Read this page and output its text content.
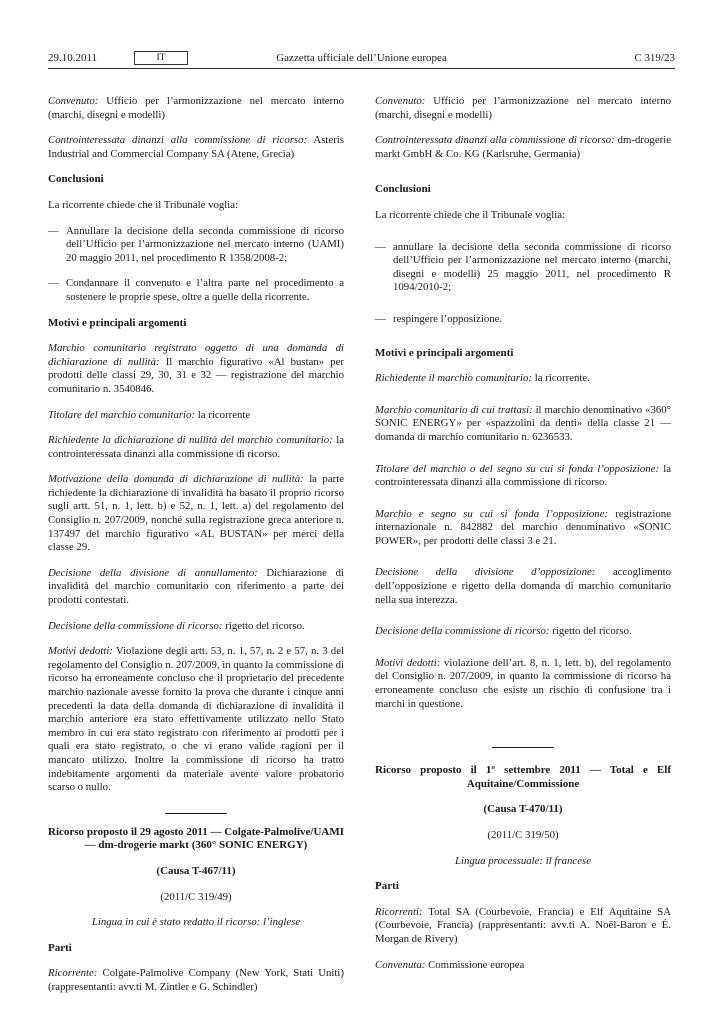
29.10.2011	IT	Gazzetta ufficiale dell’Unione europea	C 319/23

Convenuto: Ufficio per l’armonizzazione nel mercato interno (marchi, disegni e modelli)

Controinteressata dinanzi alla commissione di ricorso: Asteris Industrial and Commercial Company SA (Atene, Grecia)

Conclusioni

La ricorrente chiede che il Tribunale voglia:

— Annullare la decisione della seconda commissione di ricorso dell’Ufficio per l’armonizzazione nel mercato interno (UAMI) 20 maggio 2011, nel procedimento R 1358/2008-2;
— Condannare il convenuto e l’altra parte nel procedimento a sostenere le proprie spese, oltre a quelle della ricorrente.
Motivi e principali argomenti

Marchio comunitario registrato oggetto di una domanda di dichiarazione di nullità: Il marchio figurativo «Al bustan» per prodotti delle classi 29, 30, 31 e 32 — registrazione del marchio comunitario n. 3540846.

Titolare del marchio comunitario: la ricorrente

Richiedente la dichiarazione di nullità del marchio comunitario: la controinteressata dinanzi alla commissione di ricorso.

Motivazione della domanda di dichiarazione di nullità: la parte richiedente la dichiarazione di invalidità ha basato il proprio ricorso sugli artt. 51, n. 1, lett. b) e 52, n. 1, lett. a) del regolamento del Consiglio n. 207/2009, nonché sulla registrazione greca anteriore n. 137497 del marchio figurativo «AL BUSTAN» per merci della classe 29.

Decisione della divisione di annullamento: Dichiarazione di invalidità del marchio comunitario con riferimento a parte dei prodotti contestati.

Decisione della commissione di ricorso: rigetto del ricorso.

Motivi dedotti: Violazione degli artt. 53, n. 1, 57, n. 2 e 57, n. 3 del regolamento del Consiglio n. 207/2009, in quanto la commissione di ricorso ha erroneamente concluso che il proprietario del precedente marchio nazionale avesse fornito la prova che durante i cinque anni precedenti la data della domanda di dichiarazione di invalidità il marchio anteriore era stato effettivamente utilizzato nello Stato membro in cui era stato registrato con riferimento ai prodotti per i quali era stato registrato, o che vi erano valide ragioni per il mancato utilizzo. Inoltre la commissione di ricorso ha tratto indebitamente argomenti da materiale avente valore probatorio scarso o nullo.

Ricorso proposto il 29 agosto 2011 — Colgate-Palmolive/UAMI — dm-drogerie markt (360° SONIC ENERGY)
(Causa T-467/11)
(2011/C 319/49)
Lingua in cui è stato redatto il ricorso: l’inglese
Parti

Ricorrente: Colgate-Palmolive Company (New York, Stati Uniti) (rappresentanti: avv.ti M. Zintler e G. Schindler)

Convenuto: Ufficio per l’armonizzazione nel mercato interno (marchi, disegni e modelli)

Controinteressata dinanzi alla commissione di ricorso: dm-drogerie markt GmbH & Co. KG (Karlsruhe, Germania)

Conclusioni

La ricorrente chiede che il Tribunale voglia:

— annullare la decisione della seconda commissione di ricorso dell’Ufficio per l’armonizzazione nel mercato interno (marchi, disegni e modelli) 25 maggio 2011, nel procedimento R 1094/2010-2;
— respingere l’opposizione.
Motivi e principali argomenti

Richiedente il marchio comunitario: la ricorrente.

Marchio comunitario di cui trattasi: il marchio denominativo «360° SONIC ENERGY» per «spazzolini da denti» della classe 21 — domanda di marchio comunitario n. 6236533.

Titolare del marchio o del segno su cui si fonda l’opposizione: la controinteressata dinanzi alla commissione di ricorso.

Marchio e segno su cui si fonda l’opposizione: registrazione internazionale n. 842882 del marchio denominativo «SONIC POWER», per prodotti delle classi 3 e 21.

Decisione della divisione d’opposizione: accoglimento dell’opposizione e rigetto della domanda di marchio comunitario nella sua interezza.

Decisione della commissione di ricorso: rigetto del ricorso.

Motivi dedotti: violazione dell’art. 8, n. 1, lett. b), del regolamento del Consiglio n. 207/2009, in quanto la commissione di ricorso ha erroneamente concluso che esiste un rischio di confusione tra i marchi in questione.

Ricorso proposto il 1º settembre 2011 — Total e Elf Aquitaine/Commissione
(Causa T-470/11)
(2011/C 319/50)
Lingua processuale: il francese
Parti

Ricorrenti: Total SA (Courbevoie, Francia) e Elf Aquitaine SA (Courbevoie, Francia) (rappresentanti: avv.ti A. Noël-Baron e É. Morgan de Rivery)

Convenuta: Commissione europea
